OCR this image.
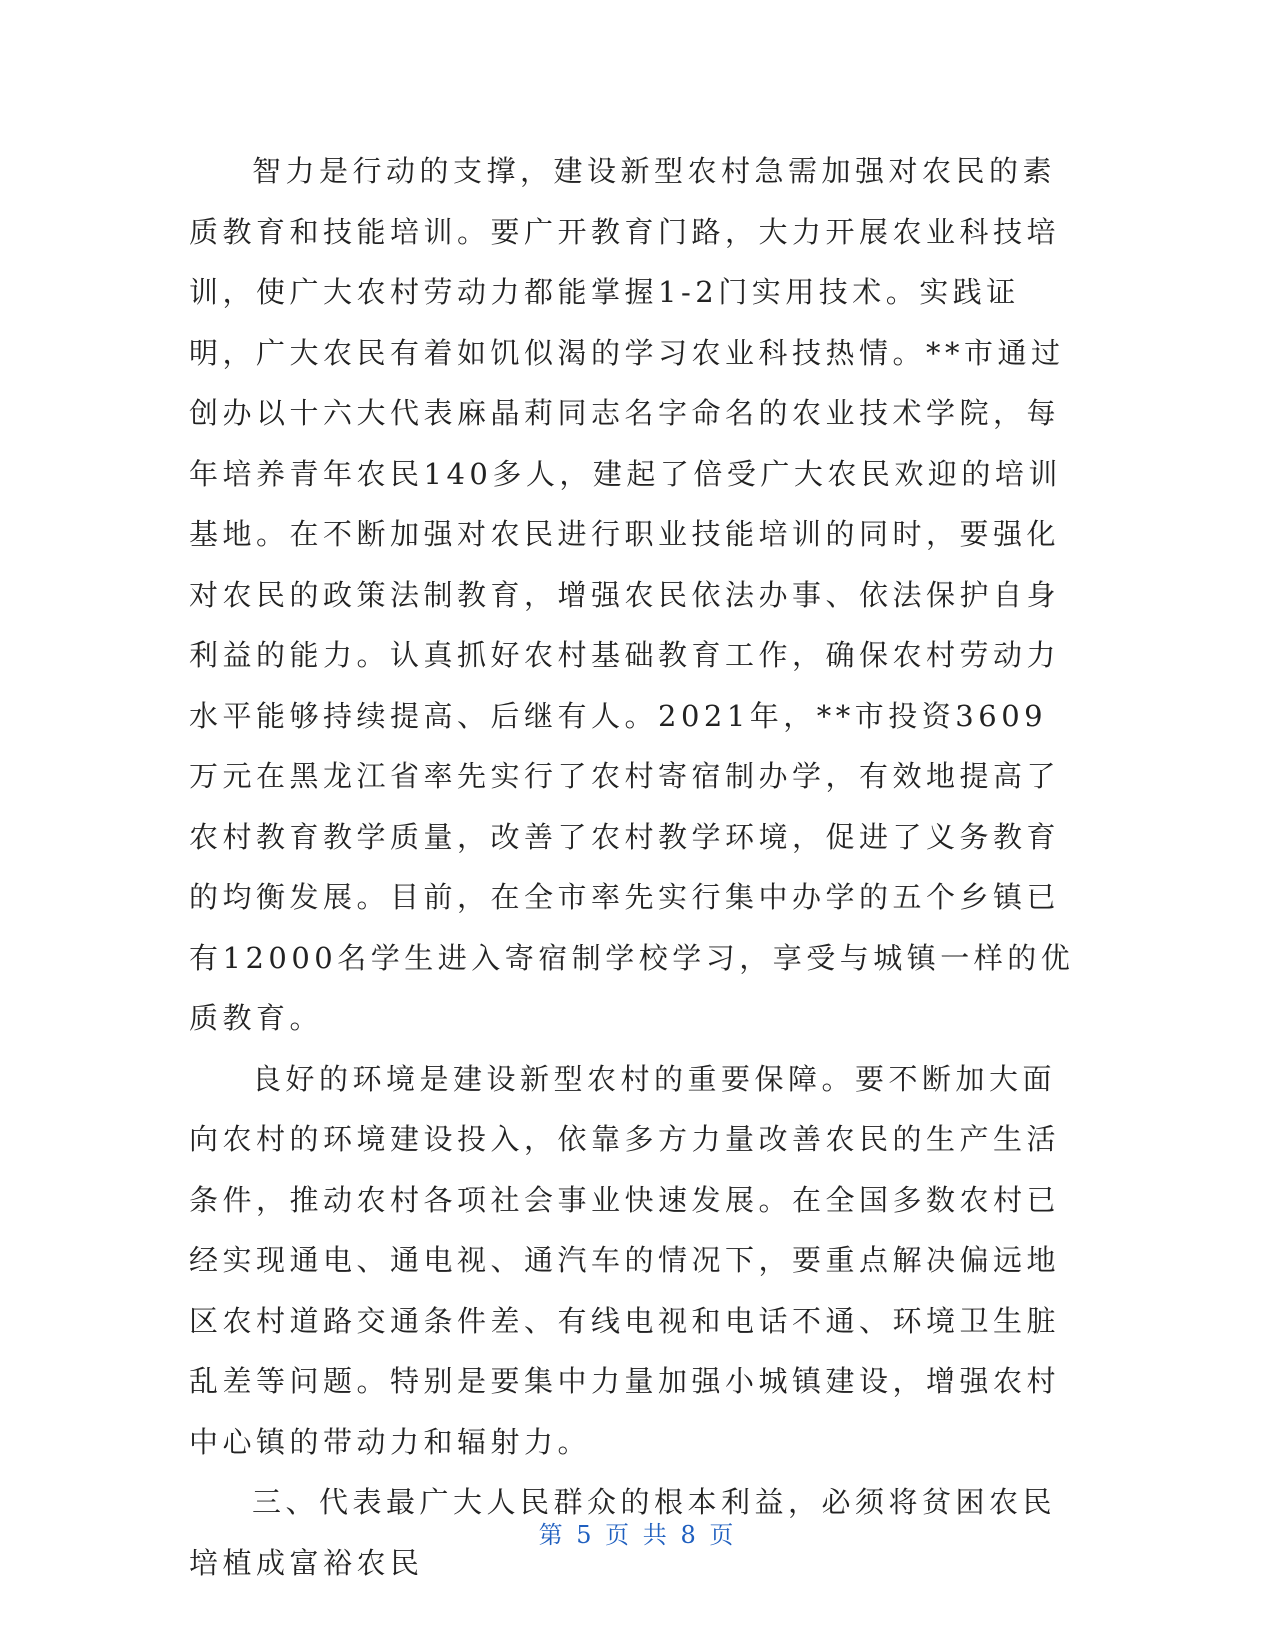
智力是行动的支撑，建设新型农村急需加强对农民的素质教育和技能培训。要广开教育门路，大力开展农业科技培训，使广大农村劳动力都能掌握1-2门实用技术。实践证明，广大农民有着如饥似渴的学习农业科技热情。**市通过创办以十六大代表麻晶莉同志名字命名的农业技术学院，每年培养青年农民140多人，建起了倍受广大农民欢迎的培训基地。在不断加强对农民进行职业技能培训的同时，要强化对农民的政策法制教育，增强农民依法办事、依法保护自身利益的能力。认真抓好农村基础教育工作，确保农村劳动力水平能够持续提高、后继有人。2021年，**市投资3609万元在黑龙江省率先实行了农村寄宿制办学，有效地提高了农村教育教学质量，改善了农村教学环境，促进了义务教育的均衡发展。目前，在全市率先实行集中办学的五个乡镇已有12000名学生进入寄宿制学校学习，享受与城镇一样的优质教育。

良好的环境是建设新型农村的重要保障。要不断加大面向农村的环境建设投入，依靠多方力量改善农民的生产生活条件，推动农村各项社会事业快速发展。在全国多数农村已经实现通电、通电视、通汽车的情况下，要重点解决偏远地区农村道路交通条件差、有线电视和电话不通、环境卫生脏乱差等问题。特别是要集中力量加强小城镇建设，增强农村中心镇的带动力和辐射力。

三、代表最广大人民群众的根本利益，必须将贫困农民培植成富裕农民

第 5 页 共 8 页
